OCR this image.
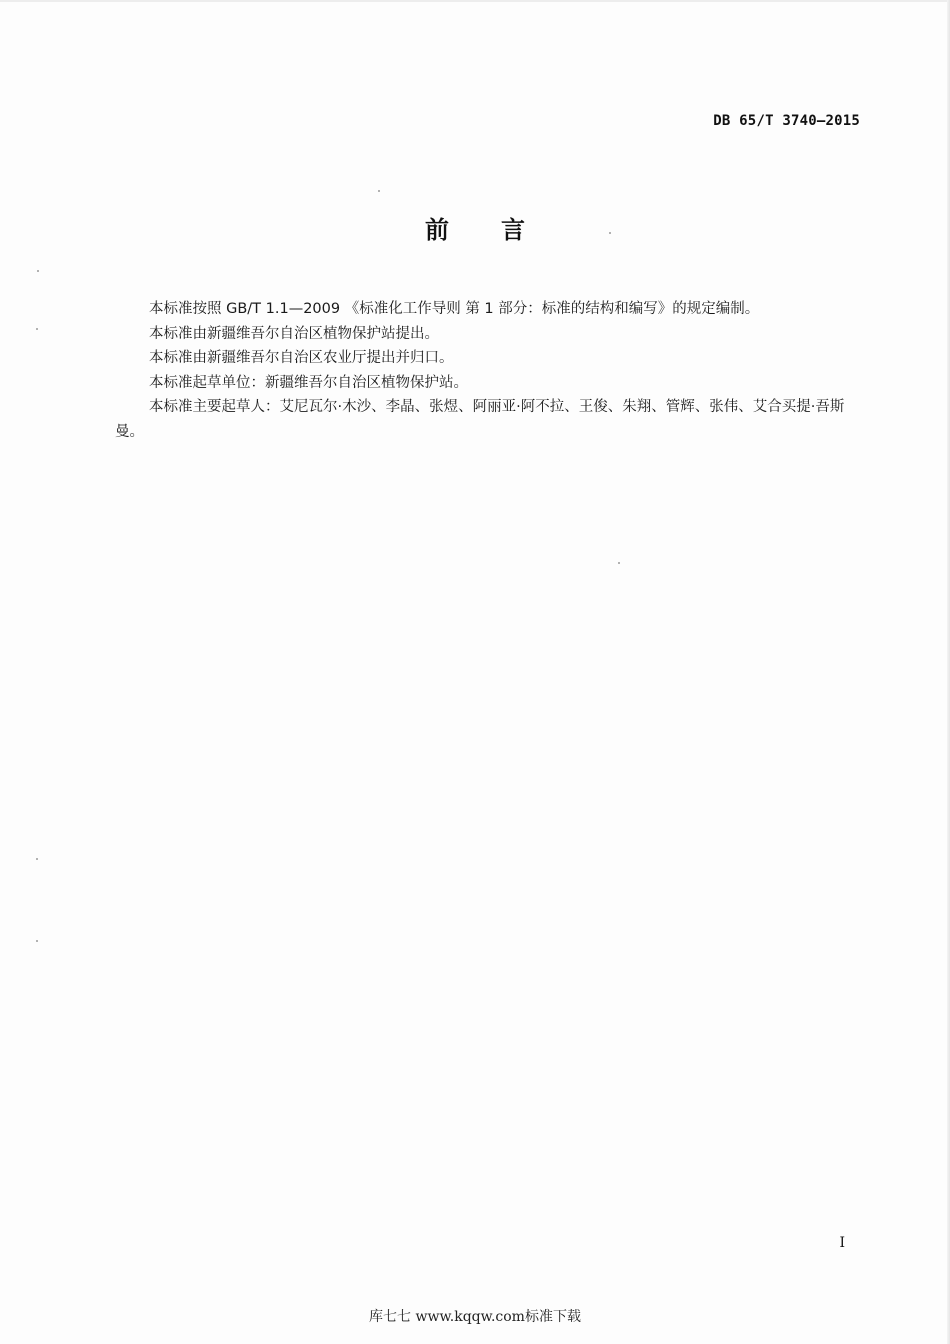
DB 65/T 3740—2015
前言

本标准按照 GB/T 1.1—2009 《标准化工作导则 第 1 部分：标准的结构和编写》的规定编制。

本标准由新疆维吾尔自治区植物保护站提出。

本标准由新疆维吾尔自治区农业厅提出并归口。

本标准起草单位：新疆维吾尔自治区植物保护站。

本标准主要起草人：艾尼瓦尔·木沙、李晶、张煜、阿丽亚·阿不拉、王俊、朱翔、管辉、张伟、艾合买提·吾斯曼。

I
库七七 www.kqqw.com标准下载
